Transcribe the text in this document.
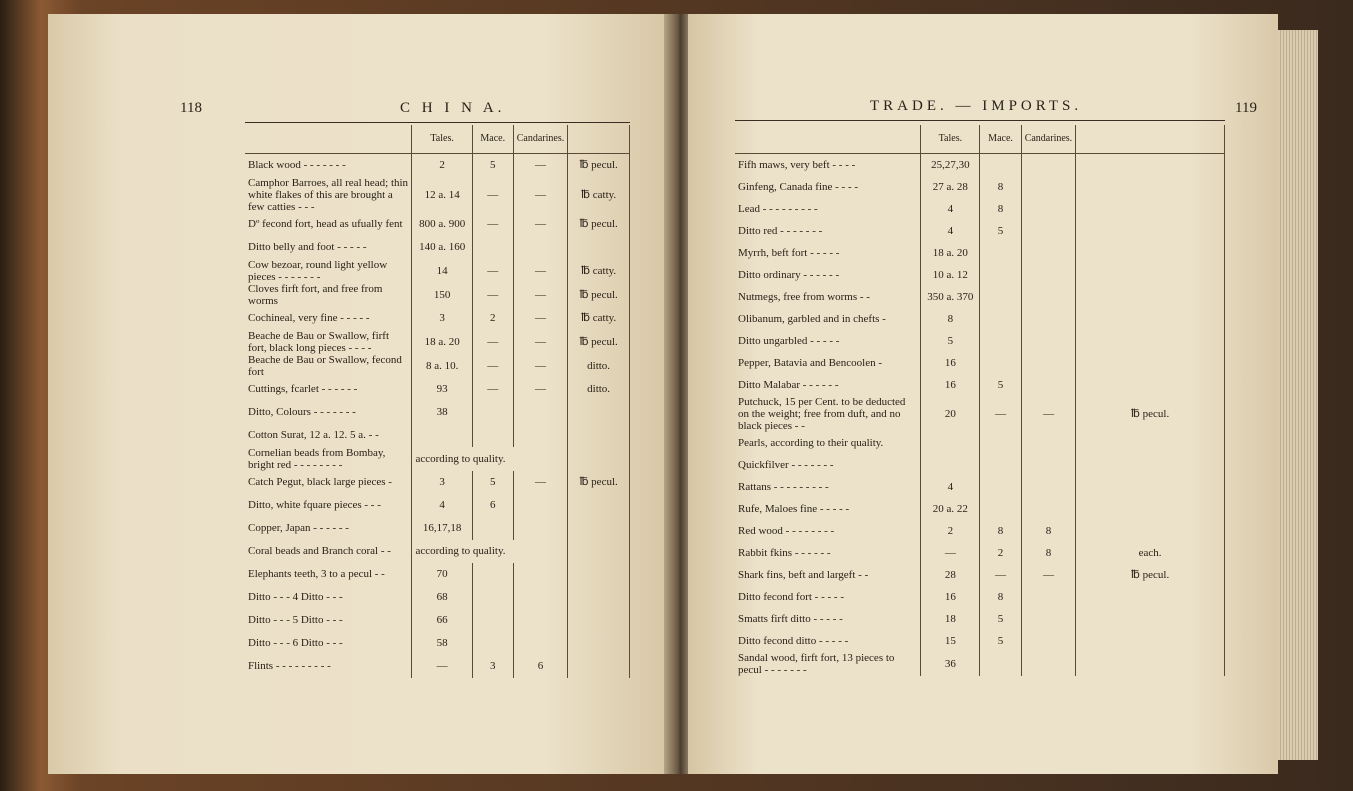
118	C H I N A.	119
TRADE. — IMPORTS.
	Tales.	Mace.	Candarines.	
Black wood - - - - - - -	2	5	—	℔ pecul.
Camphor Barroes, all real head; thin white flakes of this are brought a few catties - - -	12 a. 14	—	—	℔ catty.
Dº fecond fort, head as ufually fent	800 a. 900	—	—	℔ pecul.
Ditto belly and foot - - - - -	140 a. 160			
Cow bezoar, round light yellow pieces - - - - - - -	14	—	—	℔ catty.
Cloves firft fort, and free from worms	150	—	—	℔ pecul.
Cochineal, very fine - - - - -	3	2	—	℔ catty.
Beache de Bau or Swallow, firft fort, black long pieces - - - -	18 a. 20	—	—	℔ pecul.
Beache de Bau or Swallow, fecond fort	8 a. 10.	—	—	ditto.
Cuttings, fcarlet - - - - - -	93	—	—	ditto.
Ditto, Colours - - - - - - -	38			
Cotton Surat, 12 a. 12. 5 a. - -				
Cornelian beads from Bombay, bright red - - - - - - - -	according to quality.			
Catch Pegut, black large pieces -	3	5	—	℔ pecul.
Ditto, white fquare pieces - - -	4	6		
Copper, Japan - - - - - -	16,17,18			
Coral beads and Branch coral - -	according to quality.			
Elephants teeth, 3 to a pecul - -	70			
Ditto - - - 4 Ditto - - -	68			
Ditto - - - 5 Ditto - - -	66			
Ditto - - - 6 Ditto - - -	58			
Flints - - - - - - - - -	—	3	6	
	Tales.	Mace.	Candarines.	
Fifh maws, very beft - - - -	25,27,30			
Ginfeng, Canada fine - - - -	27 a. 28	8		
Lead - - - - - - - - -	4	8		
Ditto red - - - - - - -	4	5		
Myrrh, beft fort - - - - -	18 a. 20			
Ditto ordinary - - - - - -	10 a. 12			
Nutmegs, free from worms - -	350 a. 370			
Olibanum, garbled and in chefts -	8			
Ditto ungarbled - - - - -	5			
Pepper, Batavia and Bencoolen -	16			
Ditto Malabar - - - - - -	16	5		
Putchuck, 15 per Cent. to be deducted on the weight; free from duft, and no black pieces - -	20	—	—	℔ pecul.
Pearls, according to their quality.				
Quickfilver - - - - - - -				
Rattans - - - - - - - - -	4			
Rufe, Maloes fine - - - - -	20 a. 22			
Red wood - - - - - - - -	2	8	8	
Rabbit fkins - - - - - -	—	2	8	each.
Shark fins, beft and largeft - -	28	—	—	℔ pecul.
Ditto fecond fort - - - - -	16	8		
Smatts firft ditto - - - - -	18	5		
Ditto fecond ditto - - - - -	15	5		
Sandal wood, firft fort, 13 pieces to pecul - - - - - - -	36			
